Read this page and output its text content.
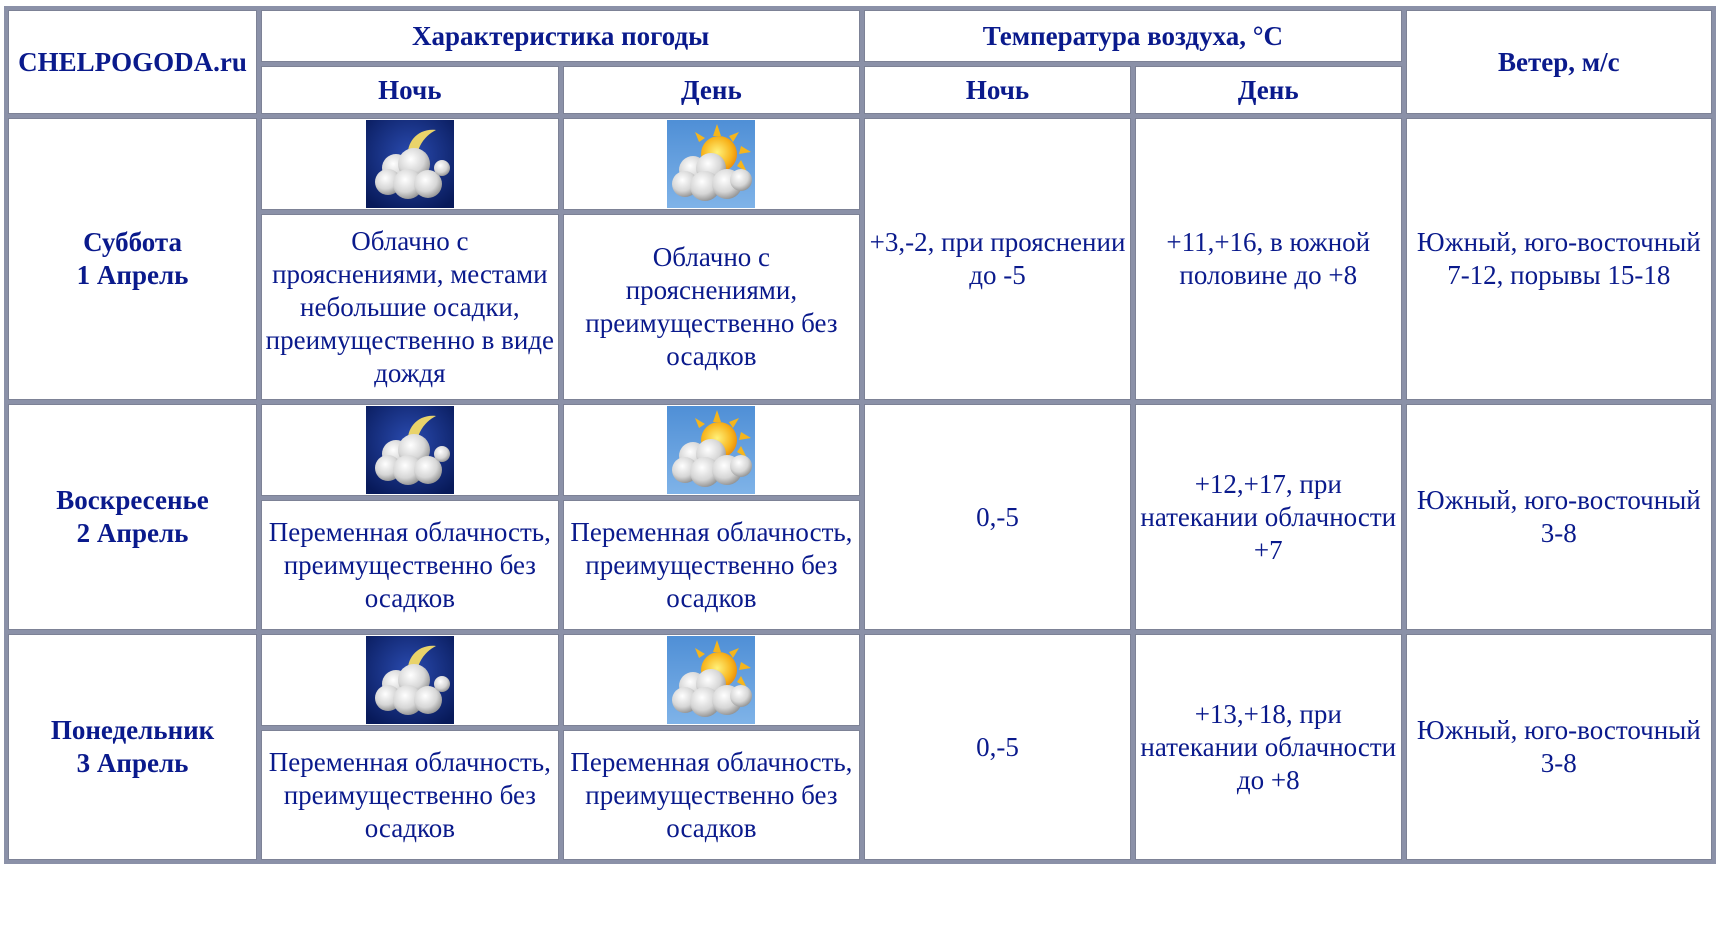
CHELPOGODA.ru	Характеристика погоды		Температура воздуха, °C		Ветер, м/с
	Ночь	День	Ночь	День	
Суббота
1 Апрель			+3,-2, при прояснении до -5	+11,+16, в южной половине до +8	Южный, юго-восточный 7-12, порывы 15-18
	Облачно с прояснениями, местами небольшие осадки, преимущественно в виде дождя	Облачно с прояснениями, преимущественно без осадков			
Воскресенье
2 Апрель			0,-5	+12,+17, при натекании облачности +7	Южный, юго-восточный 3-8
	Переменная облачность, преимущественно без осадков	Переменная облачность, преимущественно без осадков			
Понедельник
3 Апрель			0,-5	+13,+18, при натекании облачности до +8	Южный, юго-восточный 3-8
	Переменная облачность, преимущественно без осадков	Переменная облачность, преимущественно без осадков			
